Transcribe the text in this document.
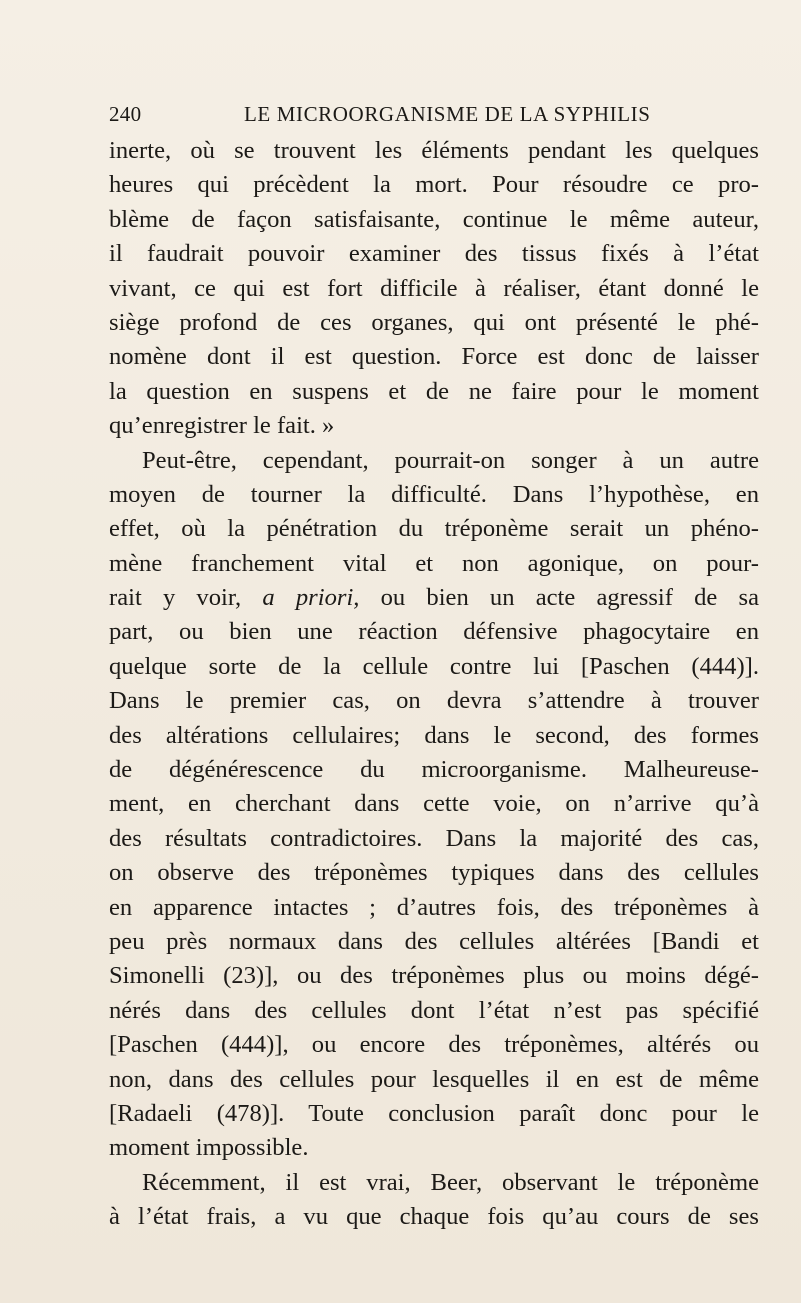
240	LE MICROORGANISME DE LA SYPHILIS
inerte, où se trouvent les éléments pendant les quelques
heures qui précèdent la mort. Pour résoudre ce pro-
blème de façon satisfaisante, continue le même auteur,
il faudrait pouvoir examiner des tissus fixés à l’état
vivant, ce qui est fort difficile à réaliser, étant donné le
siège profond de ces organes, qui ont présenté le phé-
nomène dont il est question. Force est donc de laisser
la question en suspens et de ne faire pour le moment
qu’enregistrer le fait. »
Peut-être, cependant, pourrait-on songer à un autre
moyen de tourner la difficulté. Dans l’hypothèse, en
effet, où la pénétration du tréponème serait un phéno-
mène franchement vital et non agonique, on pour-
rait y voir, a priori, ou bien un acte agressif de sa
part, ou bien une réaction défensive phagocytaire en
quelque sorte de la cellule contre lui [Paschen (444)].
Dans le premier cas, on devra s’attendre à trouver
des altérations cellulaires; dans le second, des formes
de dégénérescence du microorganisme. Malheureuse-
ment, en cherchant dans cette voie, on n’arrive qu’à
des résultats contradictoires. Dans la majorité des cas,
on observe des tréponèmes typiques dans des cellules
en apparence intactes ; d’autres fois, des tréponèmes à
peu près normaux dans des cellules altérées [Bandi et
Simonelli (23)], ou des tréponèmes plus ou moins dégé-
nérés dans des cellules dont l’état n’est pas spécifié
[Paschen (444)], ou encore des tréponèmes, altérés ou
non, dans des cellules pour lesquelles il en est de même
[Radaeli (478)]. Toute conclusion paraît donc pour le
moment impossible.
Récemment, il est vrai, Beer, observant le tréponème
à l’état frais, a vu que chaque fois qu’au cours de ses
